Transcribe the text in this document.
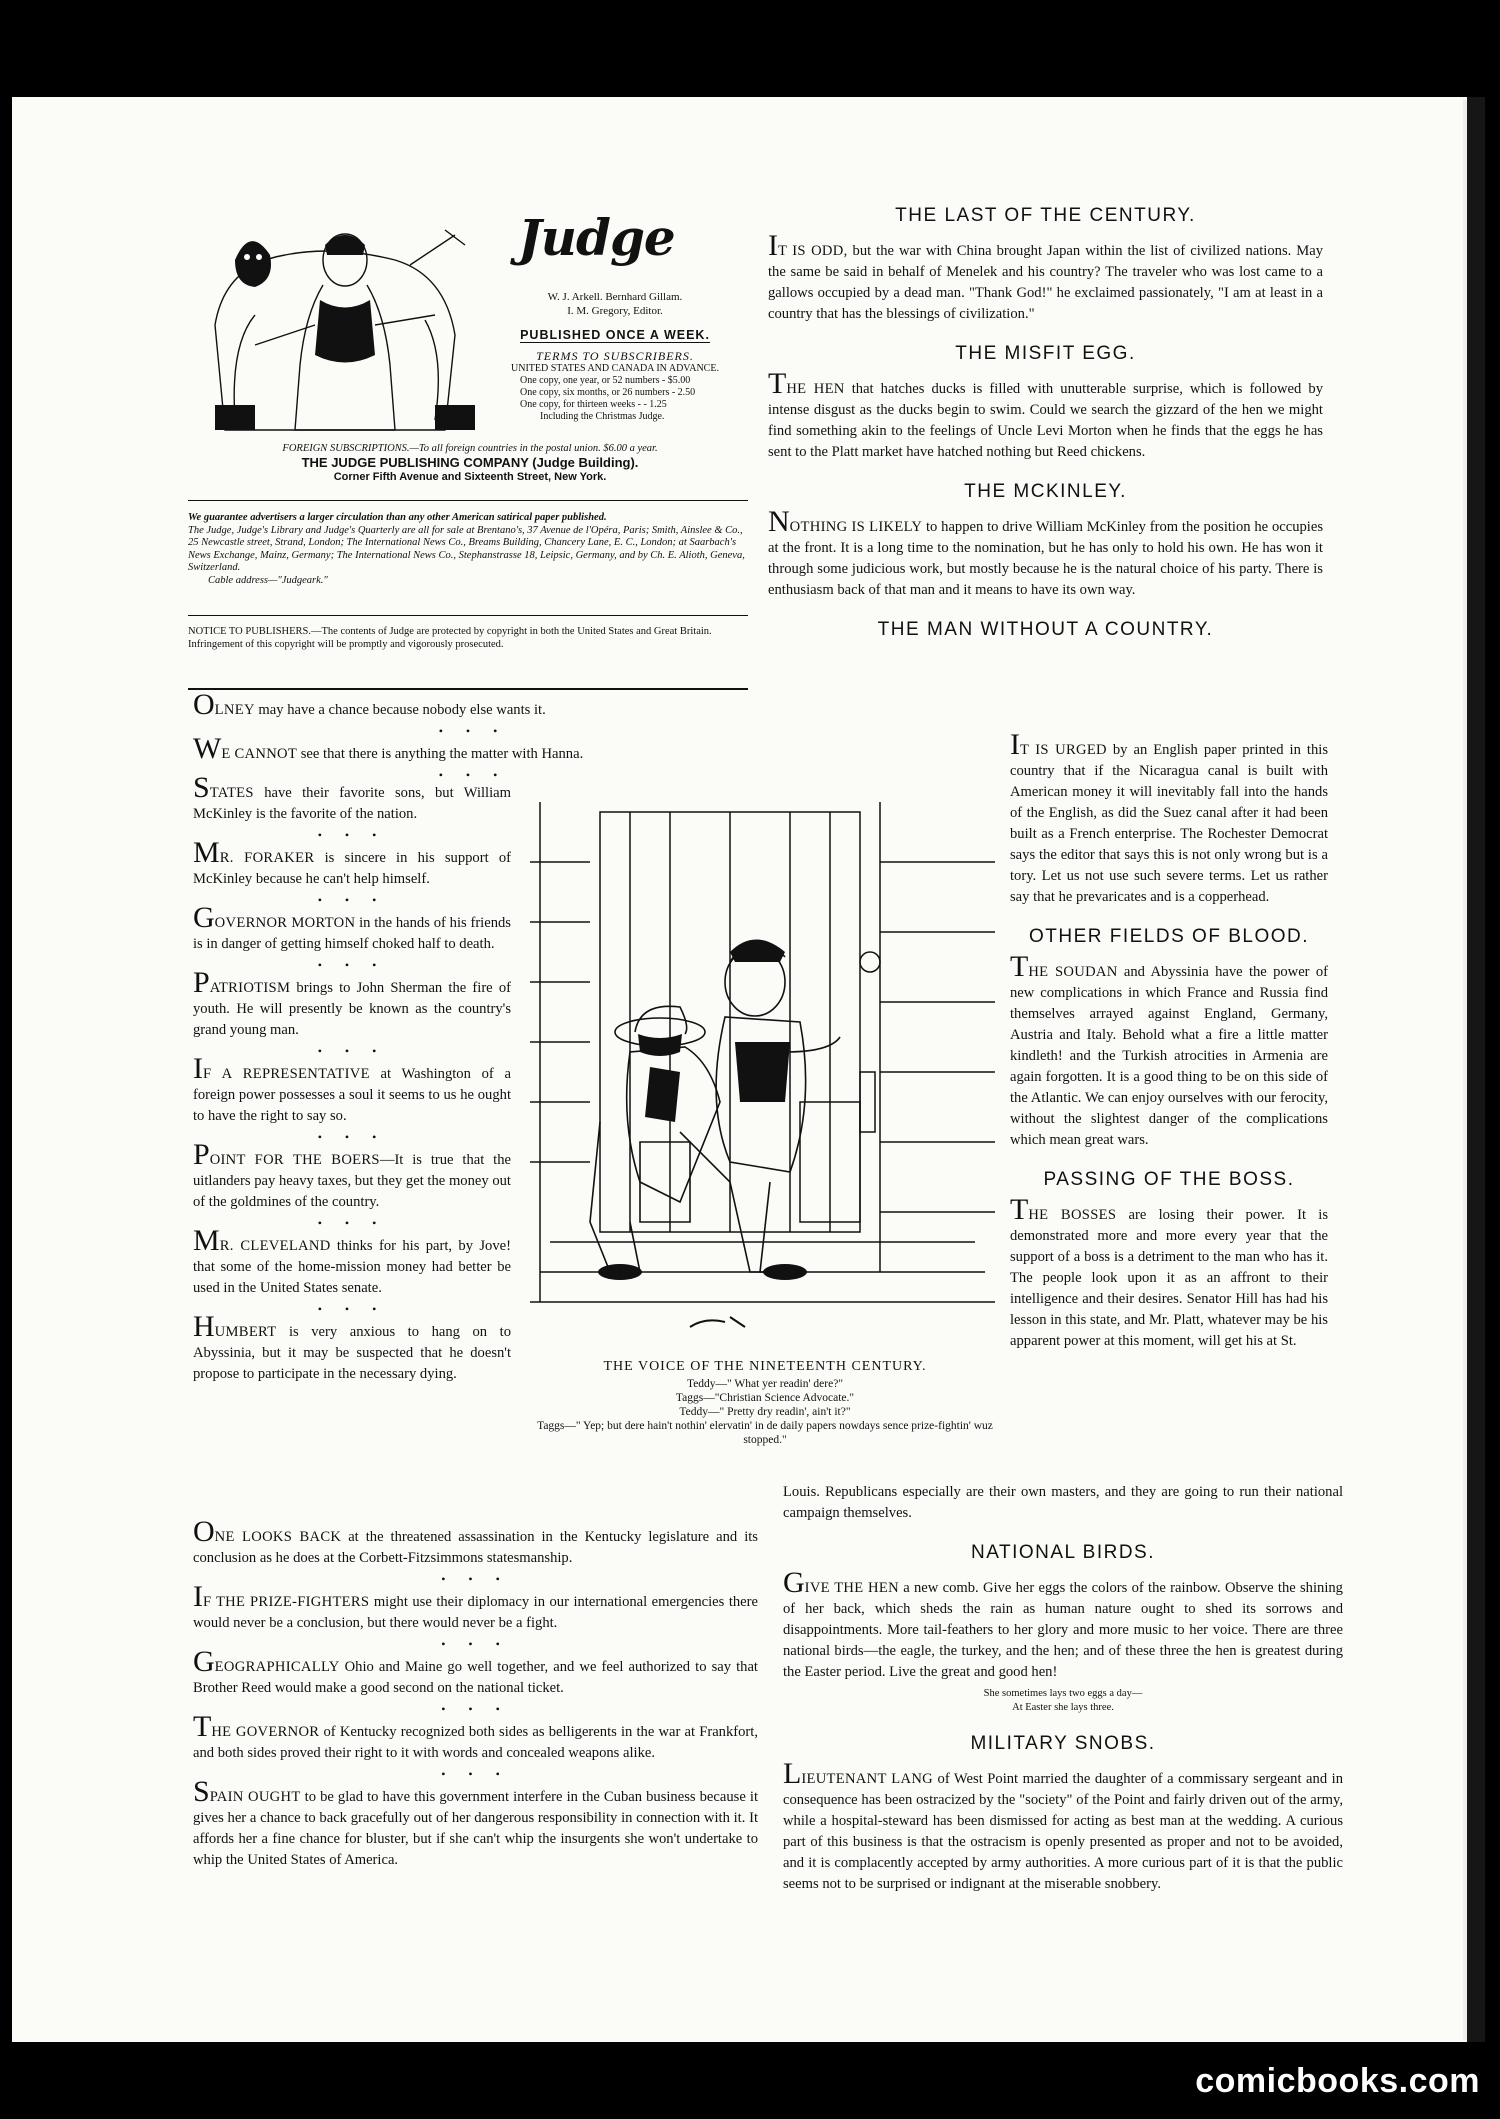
Judge
W. J. Arkell. Bernhard Gillam.
I. M. Gregory, Editor.
PUBLISHED ONCE A WEEK.
TERMS TO SUBSCRIBERS.
UNITED STATES AND CANADA IN ADVANCE.
One copy, one year, or 52 numbers - $5.00
One copy, six months, or 26 numbers - 2.50
One copy, for thirteen weeks - - 1.25
Including the Christmas Judge.
FOREIGN SUBSCRIPTIONS.—To all foreign countries in the postal union. $6.00 a year.
THE JUDGE PUBLISHING COMPANY (Judge Building).
Corner Fifth Avenue and Sixteenth Street, New York.
We guarantee advertisers a larger circulation than any other American satirical paper published.
The Judge, Judge's Library and Judge's Quarterly are all for sale at Brentano's, 37 Avenue de l'Opéra, Paris; Smith, Ainslee & Co., 25 Newcastle street, Strand, London; The International News Co., Breams Building, Chancery Lane, E. C., London; at Saarbach's News Exchange, Mainz, Germany; The International News Co., Stephanstrasse 18, Leipsic, Germany, and by Ch. E. Alioth, Geneva, Switzerland.
Cable address—"Judgeark."
NOTICE TO PUBLISHERS.—The contents of Judge are protected by copyright in both the United States and Great Britain. Infringement of this copyright will be promptly and vigorously prosecuted.

OLNEY may have a chance because nobody else wants it.

• • •

WE CANNOT see that there is anything the matter with Hanna.

• • •

STATES have their favorite sons, but William McKinley is the favorite of the nation.

• • •

MR. FORAKER is sincere in his support of McKinley because he can't help himself.

• • •

GOVERNOR MORTON in the hands of his friends is in danger of getting himself choked half to death.

• • •

PATRIOTISM brings to John Sherman the fire of youth. He will presently be known as the country's grand young man.

• • •

IF A REPRESENTATIVE at Washington of a foreign power possesses a soul it seems to us he ought to have the right to say so.

• • •

POINT FOR THE BOERS—It is true that the uitlanders pay heavy taxes, but they get the money out of the goldmines of the country.

• • •

MR. CLEVELAND thinks for his part, by Jove! that some of the home-mission money had better be used in the United States senate.

• • •

HUMBERT is very anxious to hang on to Abyssinia, but it may be suspected that he doesn't propose to participate in the necessary dying.

ONE LOOKS BACK at the threatened assassination in the Kentucky legislature and its conclusion as he does at the Corbett-Fitzsimmons statesmanship.

• • •

IF THE PRIZE-FIGHTERS might use their diplomacy in our international emergencies there would never be a conclusion, but there would never be a fight.

• • •

GEOGRAPHICALLY Ohio and Maine go well together, and we feel authorized to say that Brother Reed would make a good second on the national ticket.

• • •

THE GOVERNOR of Kentucky recognized both sides as belligerents in the war at Frankfort, and both sides proved their right to it with words and concealed weapons alike.

• • •

SPAIN OUGHT to be glad to have this government interfere in the Cuban business because it gives her a chance to back gracefully out of her dangerous responsibility in connection with it. It affords her a fine chance for bluster, but if she can't whip the insurgents she won't undertake to whip the United States of America.

THE VOICE OF THE NINETEENTH CENTURY.
Teddy—" What yer readin' dere?"
Taggs—"Christian Science Advocate."
Teddy—" Pretty dry readin', ain't it?"
Taggs—" Yep; but dere hain't nothin' elervatin' in de daily papers nowdays sence prize-fightin' wuz stopped."
THE LAST OF THE CENTURY.

IT IS ODD, but the war with China brought Japan within the list of civilized nations. May the same be said in behalf of Menelek and his country? The traveler who was lost came to a gallows occupied by a dead man. "Thank God!" he exclaimed passionately, "I am at least in a country that has the blessings of civilization."

THE MISFIT EGG.

THE HEN that hatches ducks is filled with unutterable surprise, which is followed by intense disgust as the ducks begin to swim. Could we search the gizzard of the hen we might find something akin to the feelings of Uncle Levi Morton when he finds that the eggs he has sent to the Platt market have hatched nothing but Reed chickens.

THE MCKINLEY.

NOTHING IS LIKELY to happen to drive William McKinley from the position he occupies at the front. It is a long time to the nomination, but he has only to hold his own. He has won it through some judicious work, but mostly because he is the natural choice of his party. There is enthusiasm back of that man and it means to have its own way.

THE MAN WITHOUT A COUNTRY.

IT IS URGED by an English paper printed in this country that if the Nicaragua canal is built with American money it will inevitably fall into the hands of the English, as did the Suez canal after it had been built as a French enterprise. The Rochester Democrat says the editor that says this is not only wrong but is a tory. Let us not use such severe terms. Let us rather say that he prevaricates and is a copperhead.

OTHER FIELDS OF BLOOD.

THE SOUDAN and Abyssinia have the power of new complications in which France and Russia find themselves arrayed against England, Germany, Austria and Italy. Behold what a fire a little matter kindleth! and the Turkish atrocities in Armenia are again forgotten. It is a good thing to be on this side of the Atlantic. We can enjoy ourselves with our ferocity, without the slightest danger of the complications which mean great wars.

PASSING OF THE BOSS.

THE BOSSES are losing their power. It is demonstrated more and more every year that the support of a boss is a detriment to the man who has it. The people look upon it as an affront to their intelligence and their desires. Senator Hill has had his lesson in this state, and Mr. Platt, whatever may be his apparent power at this moment, will get his at St.

Louis. Republicans especially are their own masters, and they are going to run their national campaign themselves.

NATIONAL BIRDS.

GIVE THE HEN a new comb. Give her eggs the colors of the rainbow. Observe the shining of her back, which sheds the rain as human nature ought to shed its sorrows and disappointments. More tail-feathers to her glory and more music to her voice. There are three national birds—the eagle, the turkey, and the hen; and of these three the hen is greatest during the Easter period. Live the great and good hen!

She sometimes lays two eggs a day—
At Easter she lays three.
MILITARY SNOBS.

LIEUTENANT LANG of West Point married the daughter of a commissary sergeant and in consequence has been ostracized by the "society" of the Point and fairly driven out of the army, while a hospital-steward has been dismissed for acting as best man at the wedding. A curious part of this business is that the ostracism is openly presented as proper and not to be avoided, and it is complacently accepted by army authorities. A more curious part of it is that the public seems not to be surprised or indignant at the miserable snobbery.

comicbooks.com
